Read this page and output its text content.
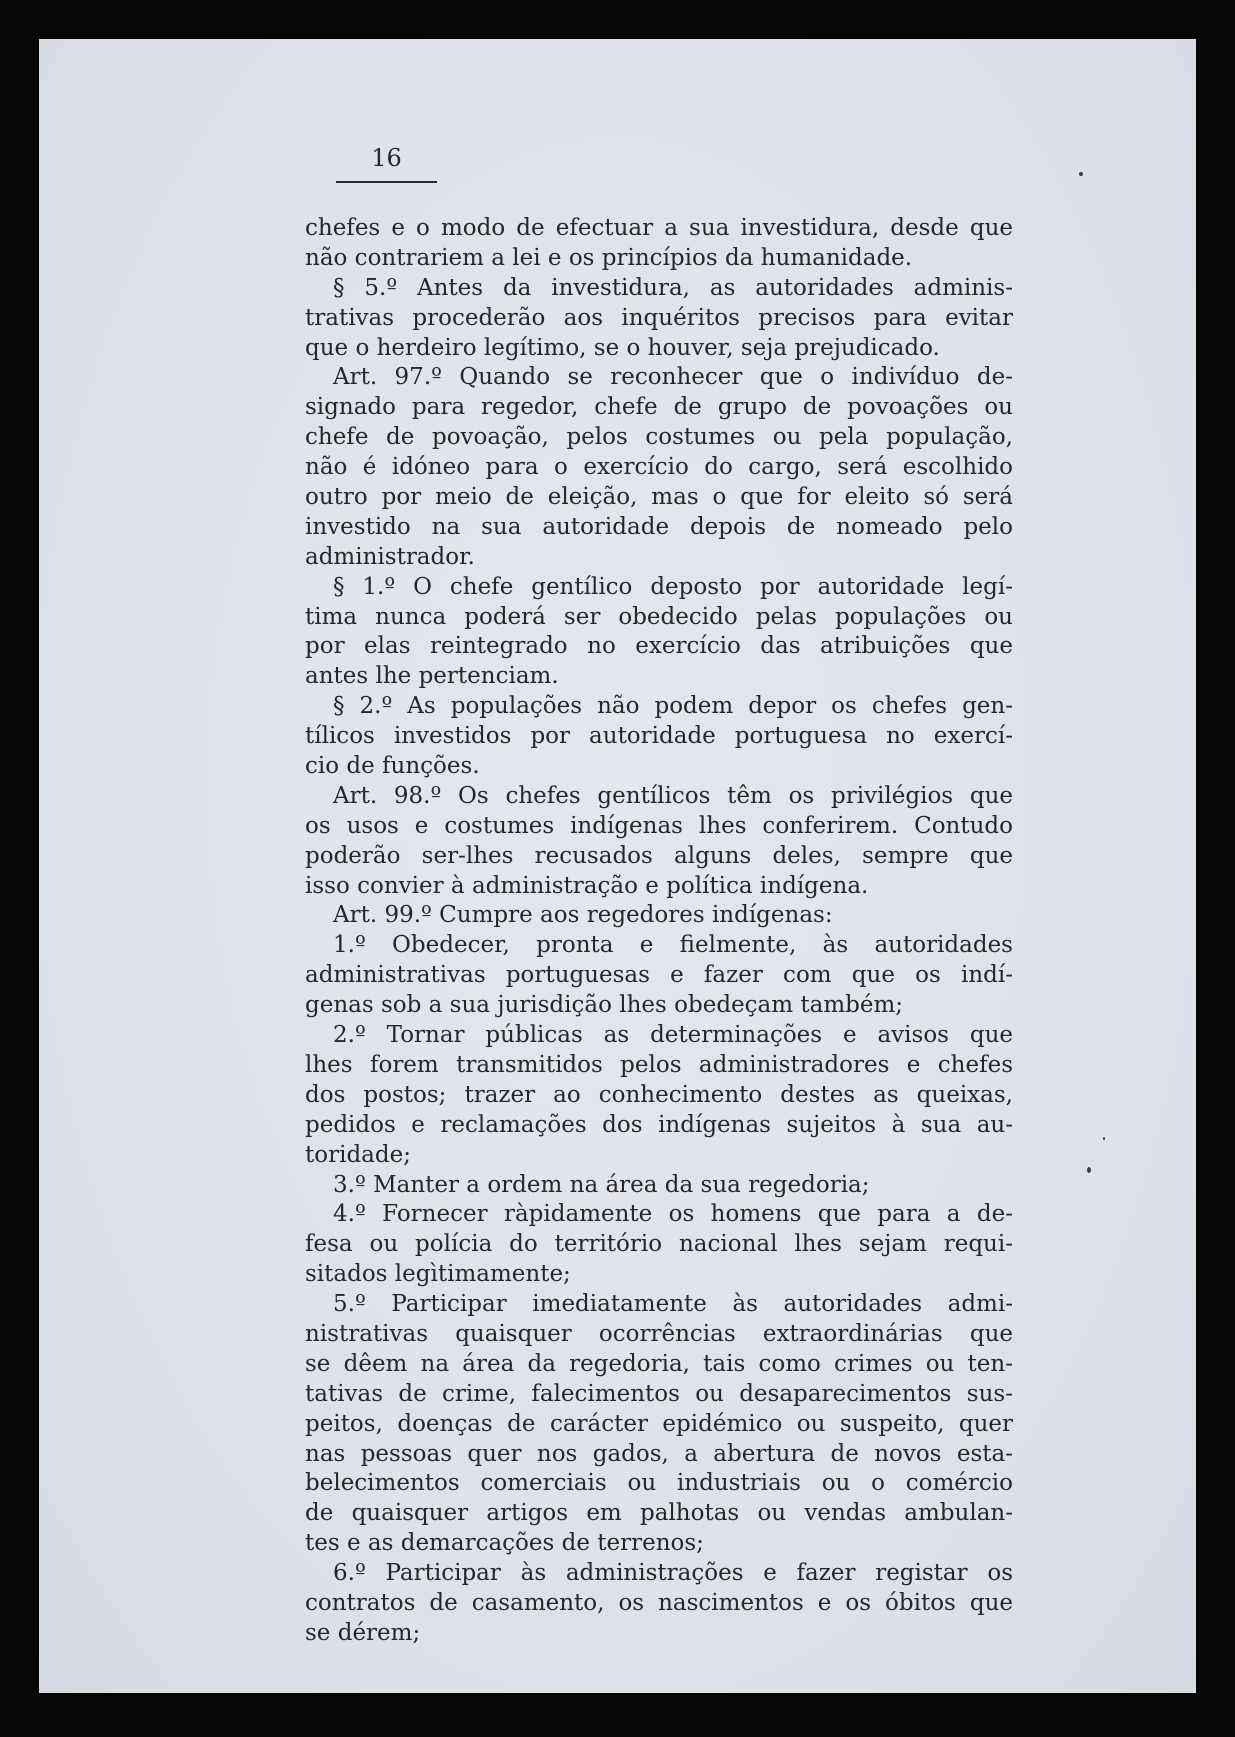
16
chefes e o modo de efectuar a sua investidura, desde que
não contrariem a lei e os princípios da humanidade.
§ 5.º Antes da investidura, as autoridades adminis-
trativas procederão aos inquéritos precisos para evitar
que o herdeiro legítimo, se o houver, seja prejudicado.
Art. 97.º Quando se reconhecer que o indivíduo de-
signado para regedor, chefe de grupo de povoações ou
chefe de povoação, pelos costumes ou pela população,
não é idóneo para o exercício do cargo, será escolhido
outro por meio de eleição, mas o que for eleito só será
investido na sua autoridade depois de nomeado pelo
administrador.
§ 1.º O chefe gentílico deposto por autoridade legí-
tima nunca poderá ser obedecido pelas populações ou
por elas reintegrado no exercício das atribuições que
antes lhe pertenciam.
§ 2.º As populações não podem depor os chefes gen-
tílicos investidos por autoridade portuguesa no exercí-
cio de funções.
Art. 98.º Os chefes gentílicos têm os privilégios que
os usos e costumes indígenas lhes conferirem. Contudo
poderão ser-lhes recusados alguns deles, sempre que
isso convier à administração e política indígena.
Art. 99.º Cumpre aos regedores indígenas:
1.º Obedecer, pronta e fielmente, às autoridades
administrativas portuguesas e fazer com que os indí-
genas sob a sua jurisdição lhes obedeçam também;
2.º Tornar públicas as determinações e avisos que
lhes forem transmitidos pelos administradores e chefes
dos postos; trazer ao conhecimento destes as queixas,
pedidos e reclamações dos indígenas sujeitos à sua au-
toridade;
3.º Manter a ordem na área da sua regedoria;
4.º Fornecer ràpidamente os homens que para a de-
fesa ou polícia do território nacional lhes sejam requi-
sitados legìtimamente;
5.º Participar imediatamente às autoridades admi-
nistrativas quaisquer ocorrências extraordinárias que
se dêem na área da regedoria, tais como crimes ou ten-
tativas de crime, falecimentos ou desaparecimentos sus-
peitos, doenças de carácter epidémico ou suspeito, quer
nas pessoas quer nos gados, a abertura de novos esta-
belecimentos comerciais ou industriais ou o comércio
de quaisquer artigos em palhotas ou vendas ambulan-
tes e as demarcações de terrenos;
6.º Participar às administrações e fazer registar os
contratos de casamento, os nascimentos e os óbitos que
se dérem;
